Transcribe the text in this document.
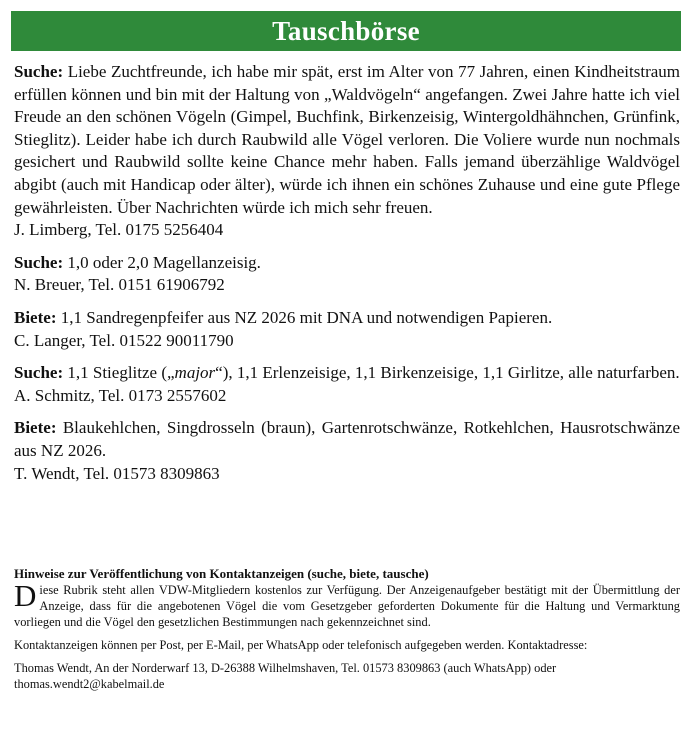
Tauschbörse
Suche: Liebe Zuchtfreunde, ich habe mir spät, erst im Alter von 77 Jahren, einen Kindheitstraum erfüllen können und bin mit der Haltung von „Waldvögeln“ angefangen. Zwei Jahre hatte ich viel Freude an den schönen Vögeln (Gimpel, Buchfink, Birkenzeisig, Wintergoldhähnchen, Grünfink, Stieglitz). Leider habe ich durch Raubwild alle Vögel verloren. Die Voliere wurde nun nochmals gesichert und Raubwild sollte keine Chance mehr haben. Falls jemand überzählige Waldvögel abgibt (auch mit Handicap oder älter), würde ich ihnen ein schönes Zuhause und eine gute Pflege gewährleisten. Über Nachrichten würde ich mich sehr freuen.
J. Limberg, Tel. 0175 5256404
Suche: 1,0 oder 2,0 Magellanzeisig.
N. Breuer, Tel. 0151 61906792
Biete: 1,1 Sandregenpfeifer aus NZ 2026 mit DNA und notwendigen Papieren.
C. Langer, Tel. 01522 90011790
Suche: 1,1 Stieglitze („major“), 1,1 Erlenzeisige, 1,1 Birkenzeisige, 1,1 Girlitze, alle naturfarben.
A. Schmitz, Tel. 0173 2557602
Biete: Blaukehlchen, Singdrosseln (braun), Gartenrotschwänze, Rotkehlchen, Hausrotschwänze aus NZ 2026.
T. Wendt, Tel. 01573 8309863
Hinweise zur Veröffentlichung von Kontaktanzeigen (suche, biete, tausche)
Diese Rubrik steht allen VDW-Mitgliedern kostenlos zur Verfügung. Der Anzeigenaufgeber bestätigt mit der Übermittlung der Anzeige, dass für die angebotenen Vögel die vom Gesetzgeber geforderten Dokumente für die Haltung und Vermarktung vorliegen und die Vögel den gesetzlichen Bestimmungen nach gekennzeichnet sind.
Kontaktanzeigen können per Post, per E-Mail, per WhatsApp oder telefonisch aufgegeben werden. Kontaktadresse:
Thomas Wendt, An der Norderwarf 13, D-26388 Wilhelmshaven, Tel. 01573 8309863 (auch WhatsApp) oder thomas.wendt2@kabelmail.de
